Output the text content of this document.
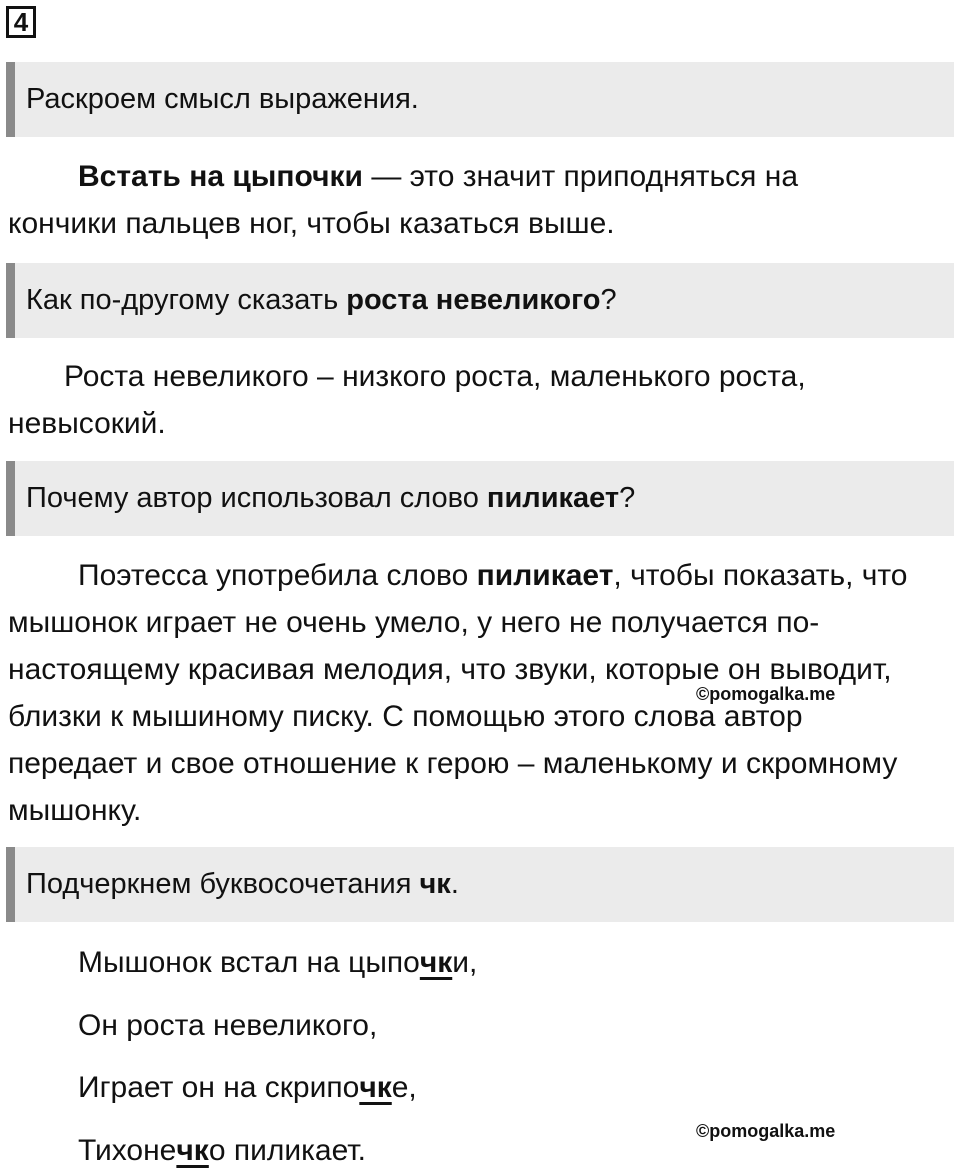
4
Раскроем смысл выражения.

Встать на цыпочки — это значит приподняться на кончики пальцев ног, чтобы казаться выше.

Как по-другому сказать роста невеликого?

Роста невеликого – низкого роста, маленького роста, невысокий.

Почему автор использовал слово пиликает?

Поэтесса употребила слово пиликает, чтобы показать, что мышонок играет не очень умело, у него не получается по-настоящему красивая мелодия, что звуки, которые он выводит, близки к мышиному писку. С помощью этого слова автор передает и свое отношение к герою – маленькому и скромному мышонку.

Подчеркнем буквосочетания чк.
Мышонок встал на цыпочки,
Он роста невеликого,
Играет он на скрипочке,
Тихонечко пиликает.
©pomogalka.me
©pomogalka.me
